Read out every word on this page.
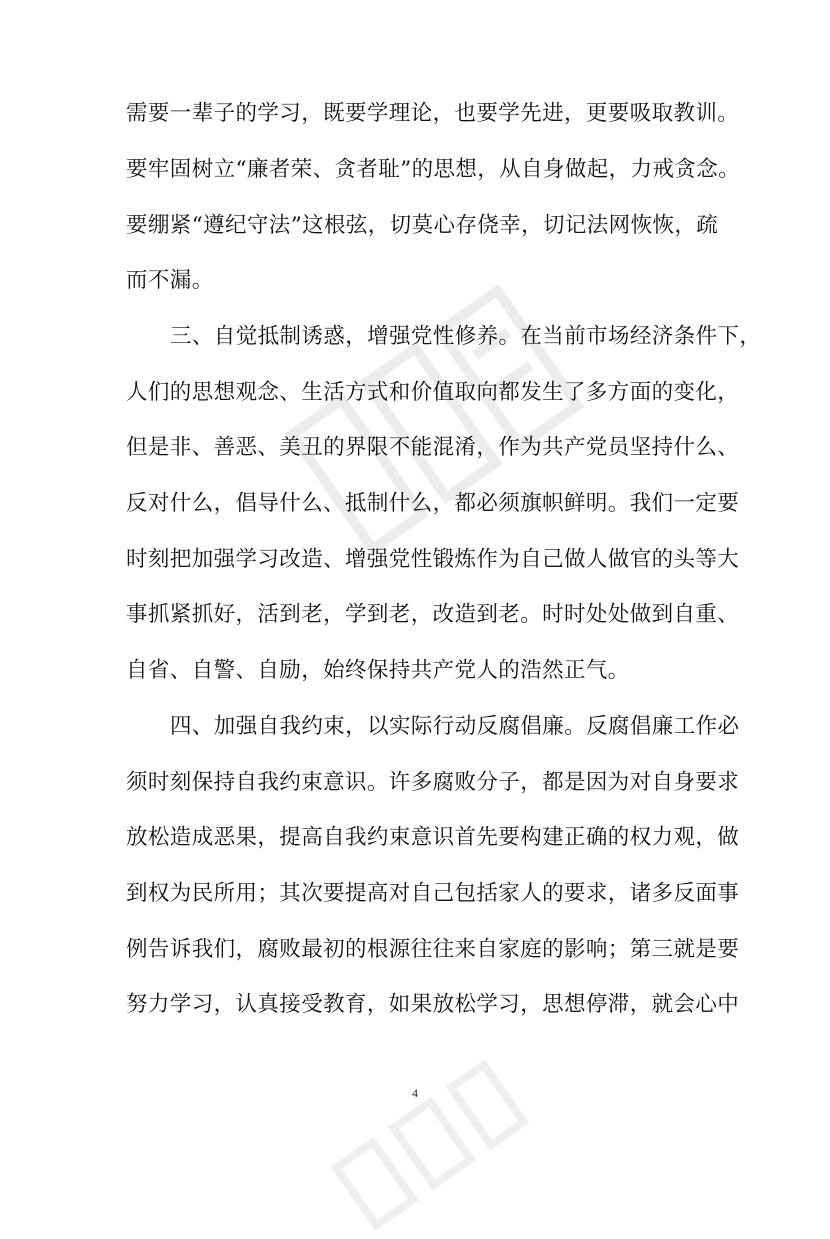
需要一辈子的学习，既要学理论，也要学先进，更要吸取教训。
要牢固树立“廉者荣、贪者耻”的思想，从自身做起，力戒贪念。
要绷紧“遵纪守法”这根弦，切莫心存侥幸，切记法网恢恢，疏
而不漏。
三、自觉抵制诱惑，增强党性修养。在当前市场经济条件下，
人们的思想观念、生活方式和价值取向都发生了多方面的变化，
但是非、善恶、美丑的界限不能混淆，作为共产党员坚持什么、
反对什么，倡导什么、抵制什么，都必须旗帜鲜明。我们一定要
时刻把加强学习改造、增强党性锻炼作为自己做人做官的头等大
事抓紧抓好，活到老，学到老，改造到老。时时处处做到自重、
自省、自警、自励，始终保持共产党人的浩然正气。
四、加强自我约束，以实际行动反腐倡廉。反腐倡廉工作必
须时刻保持自我约束意识。许多腐败分子，都是因为对自身要求
放松造成恶果，提高自我约束意识首先要构建正确的权力观，做
到权为民所用；其次要提高对自己包括家人的要求，诸多反面事
例告诉我们，腐败最初的根源往往来自家庭的影响；第三就是要
努力学习，认真接受教育，如果放松学习，思想停滞，就会心中
4
